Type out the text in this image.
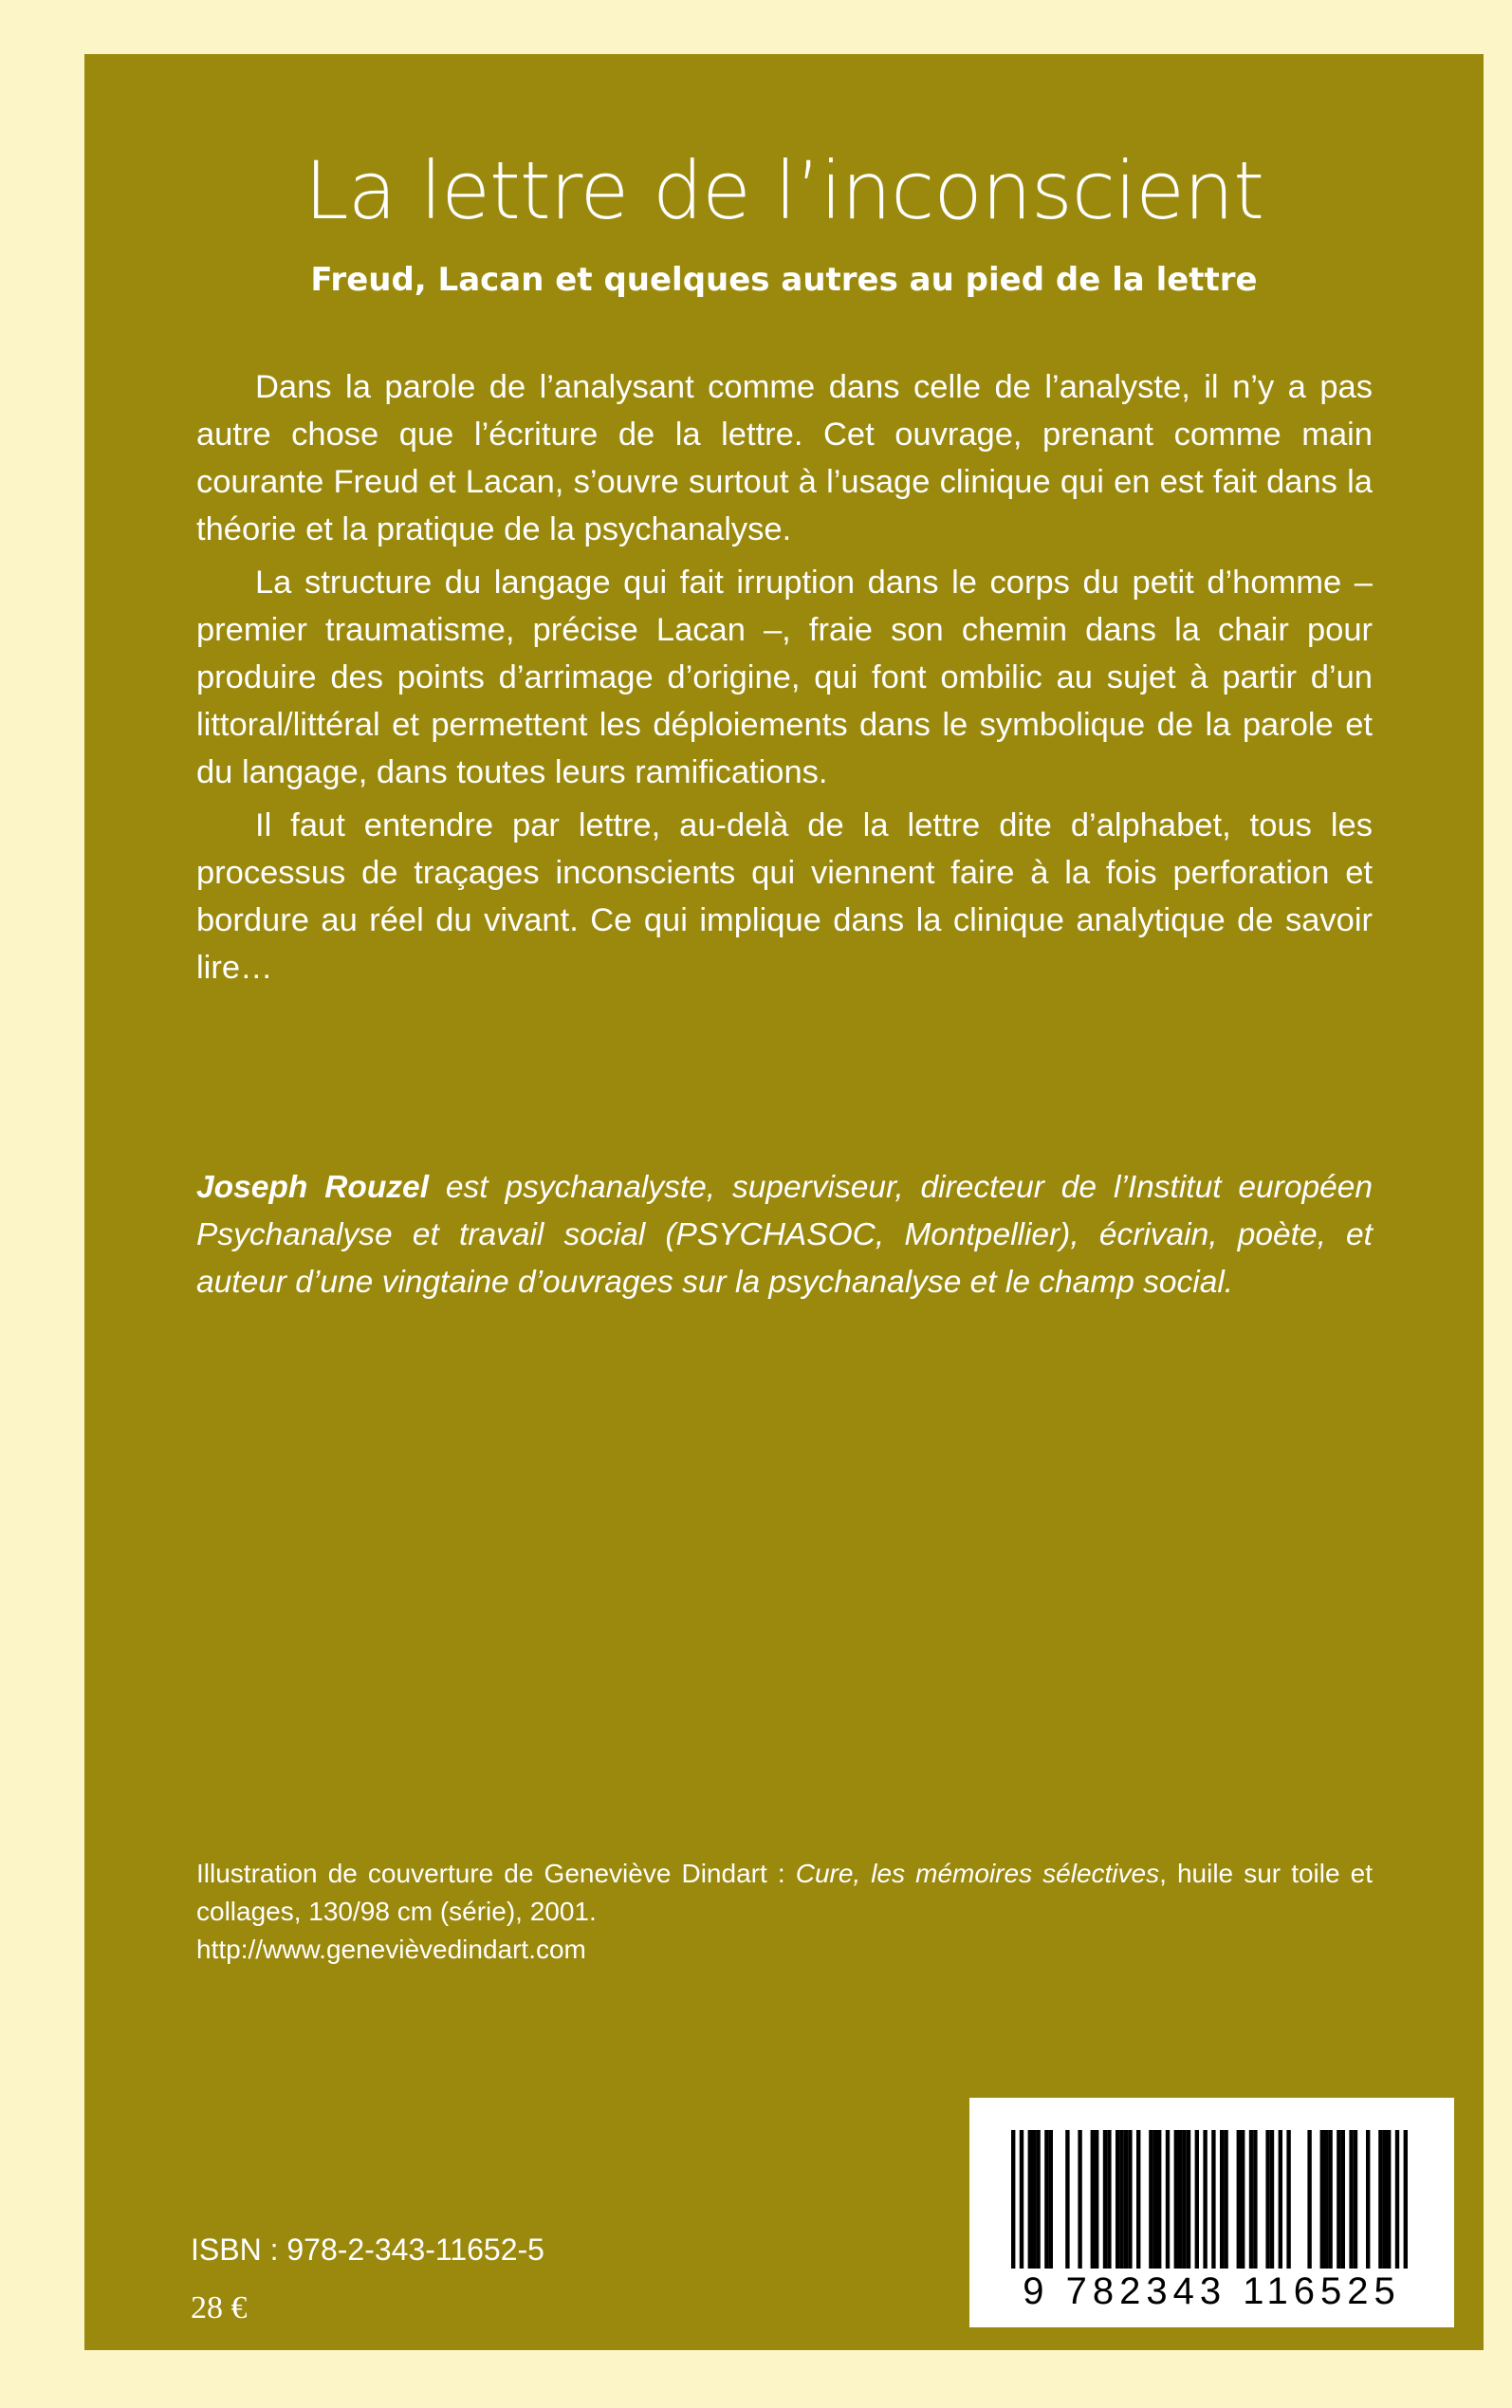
La lettre de l’inconscient
Freud, Lacan et quelques autres au pied de la lettre

Dans la parole de l’analysant comme dans celle de l’analyste, il n’y a pas autre chose que l’écriture de la lettre. Cet ouvrage, prenant comme main courante Freud et Lacan, s’ouvre surtout à l’usage clinique qui en est fait dans la théorie et la pratique de la psychanalyse.

La structure du langage qui fait irruption dans le corps du petit d’homme – premier traumatisme, précise Lacan –, fraie son chemin dans la chair pour produire des points d’arrimage d’origine, qui font ombilic au sujet à partir d’un littoral/littéral et permettent les déploiements dans le symbolique de la parole et du langage, dans toutes leurs ramifications.

Il faut entendre par lettre, au-delà de la lettre dite d’alphabet, tous les processus de traçages inconscients qui viennent faire à la fois perforation et bordure au réel du vivant. Ce qui implique dans la clinique analytique de savoir lire…

Joseph Rouzel est psychanalyste, superviseur, directeur de l’Institut européen Psychanalyse et travail social (PSYCHASOC, Montpellier), écrivain, poète, et auteur d’une vingtaine d’ouvrages sur la psychanalyse et le champ social.

Illustration de couverture de Geneviève Dindart : Cure, les mémoires sélectives, huile sur toile et collages, 130/98 cm (série), 2001.
http://www.genevièvedindart.com

ISBN : 978-2-343-11652-5

28 €	9 782343 116525
